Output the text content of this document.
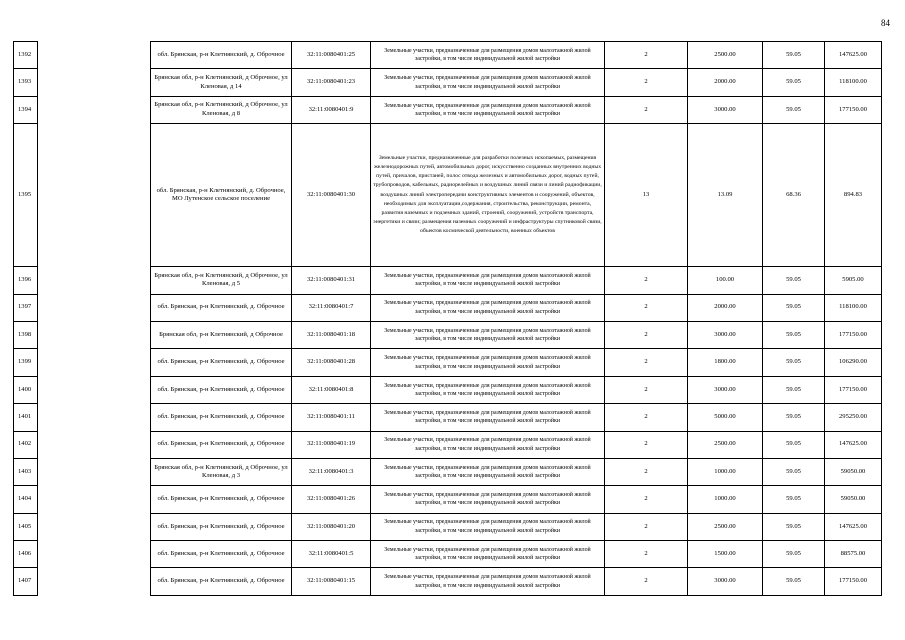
84
1392		обл. Брянская, р-н Клетнянский, д. Оброчное	32:11:0080401:25	Земельные участки, предназначенные для размещения домов малоэтажной жилой застройки, в том числе индивидуальной жилой застройки	2	2500.00	59.05	147625.00
1393		Брянская обл, р-н Клетнянский, д Оброчное, ул Кленовая, д 14	32:11:0080401:23	Земельные участки, предназначенные для размещения домов малоэтажной жилой застройки, в том числе индивидуальной жилой застройки	2	2000.00	59.05	118100.00
1394		Брянская обл, р-н Клетнянский, д Оброчное, ул Кленовая, д 8	32:11:0080401:9	Земельные участки, предназначенные для размещения домов малоэтажной жилой застройки, в том числе индивидуальной жилой застройки	2	3000.00	59.05	177150.00
1395		обл. Брянская, р-н Клетнянский, д. Оброчное, МО Лутенское сельское поселение	32:11:0080401:30	Земельные участки, предназначенные для разработки полезных ископаемых, размещения железнодорожных путей, автомобильных дорог, искусственно созданных внутренних водных путей, причалов, пристаней, полос отвода железных и автомобильных дорог, водных путей, трубопроводов, кабельных, радиорелейных и воздушных линий связи и линий радиофикации, воздушных линий электропередачи конструктивных элементов и сооружений, объектов, необходимых для эксплуатации,содержания, строительства, реконструкции, ремонта, развития наземных и подземных зданий, строений, сооружений, устройств транспорта, энергетики и связи; размещения наземных сооружений и инфраструктуры спутниковой связи, объектов космической деятельности, военных объектов	13	13.09	68.36	894.83
1396		Брянская обл, р-н Клетнянский, д Оброчное, ул Кленовая, д 5	32:11:0080401:31	Земельные участки, предназначенные для размещения домов малоэтажной жилой застройки, в том числе индивидуальной жилой застройки	2	100.00	59.05	5905.00
1397		обл. Брянская, р-н Клетнянский, д. Оброчное	32:11:0080401:7	Земельные участки, предназначенные для размещения домов малоэтажной жилой застройки, в том числе индивидуальной жилой застройки	2	2000.00	59.05	118100.00
1398		Брянская обл, р-н Клетнянский, д Оброчное	32:11:0080401:18	Земельные участки, предназначенные для размещения домов малоэтажной жилой застройки, в том числе индивидуальной жилой застройки	2	3000.00	59.05	177150.00
1399		обл. Брянская, р-н Клетнянский, д. Оброчное	32:11:0080401:28	Земельные участки, предназначенные для размещения домов малоэтажной жилой застройки, в том числе индивидуальной жилой застройки	2	1800.00	59.05	106290.00
1400		обл. Брянская, р-н Клетнянский, д. Оброчное	32:11:0080401:8	Земельные участки, предназначенные для размещения домов малоэтажной жилой застройки, в том числе индивидуальной жилой застройки	2	3000.00	59.05	177150.00
1401		обл. Брянская, р-н Клетнянский, д. Оброчное	32:11:0080401:11	Земельные участки, предназначенные для размещения домов малоэтажной жилой застройки, в том числе индивидуальной жилой застройки	2	5000.00	59.05	295250.00
1402		обл. Брянская, р-н Клетнянский, д. Оброчное	32:11:0080401:19	Земельные участки, предназначенные для размещения домов малоэтажной жилой застройки, в том числе индивидуальной жилой застройки	2	2500.00	59.05	147625.00
1403		Брянская обл, р-н Клетнянский, д Оброчное, ул Кленовая, д 3	32:11:0080401:3	Земельные участки, предназначенные для размещения домов малоэтажной жилой застройки, в том числе индивидуальной жилой застройки	2	1000.00	59.05	59050.00
1404		обл. Брянская, р-н Клетнянский, д. Оброчное	32:11:0080401:26	Земельные участки, предназначенные для размещения домов малоэтажной жилой застройки, в том числе индивидуальной жилой застройки	2	1000.00	59.05	59050.00
1405		обл. Брянская, р-н Клетнянский, д. Оброчное	32:11:0080401:20	Земельные участки, предназначенные для размещения домов малоэтажной жилой застройки, в том числе индивидуальной жилой застройки	2	2500.00	59.05	147625.00
1406		обл. Брянская, р-н Клетнянский, д. Оброчное	32:11:0080401:5	Земельные участки, предназначенные для размещения домов малоэтажной жилой застройки, в том числе индивидуальной жилой застройки	2	1500.00	59.05	88575.00
1407		обл. Брянская, р-н Клетнянский, д. Оброчное	32:11:0080401:15	Земельные участки, предназначенные для размещения домов малоэтажной жилой застройки, в том числе индивидуальной жилой застройки	2	3000.00	59.05	177150.00
